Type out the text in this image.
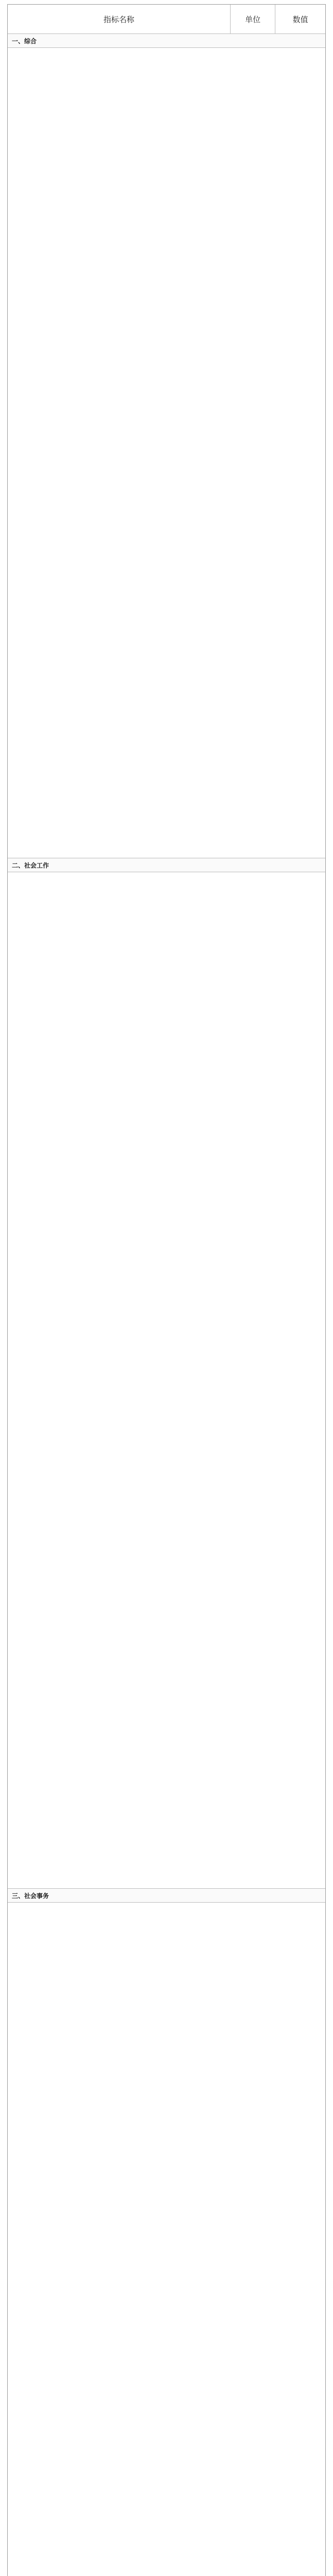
指标名称	单位	数值
一、综合
二、社会工作
三、社会事务
